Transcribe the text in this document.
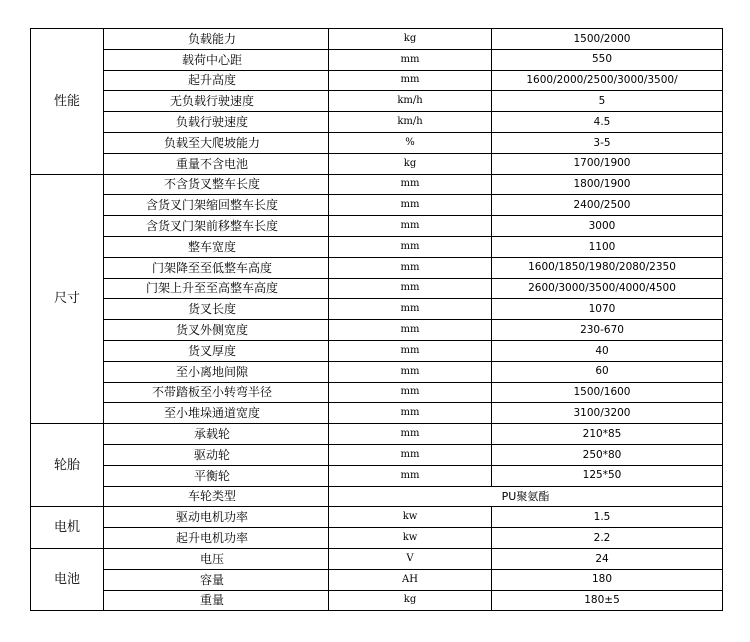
性能	负载能力	kg	1500/2000
	载荷中心距	mm	550
	起升高度	mm	1600/2000/2500/3000/3500/
	无负载行驶速度	km/h	5
	负载行驶速度	km/h	4.5
	负载至大爬坡能力	%	3-5
	重量不含电池	kg	1700/1900
尺寸	不含货叉整车长度	mm	1800/1900
	含货叉门架缩回整车长度	mm	2400/2500
	含货叉门架前移整车长度	mm	3000
	整车宽度	mm	1100
	门架降至至低整车高度	mm	1600/1850/1980/2080/2350
	门架上升至至高整车高度	mm	2600/3000/3500/4000/4500
	货叉长度	mm	1070
	货叉外侧宽度	mm	230-670
	货叉厚度	mm	40
	至小离地间隙	mm	60
	不带踏板至小转弯半径	mm	1500/1600
	至小堆垛通道宽度	mm	3100/3200
轮胎	承载轮	mm	210*85
	驱动轮	mm	250*80
	平衡轮	mm	125*50
	车轮类型	PU聚氨酯	
电机	驱动电机功率	kw	1.5
	起升电机功率	kw	2.2
电池	电压	V	24
	容量	AH	180
	重量	kg	180±5
